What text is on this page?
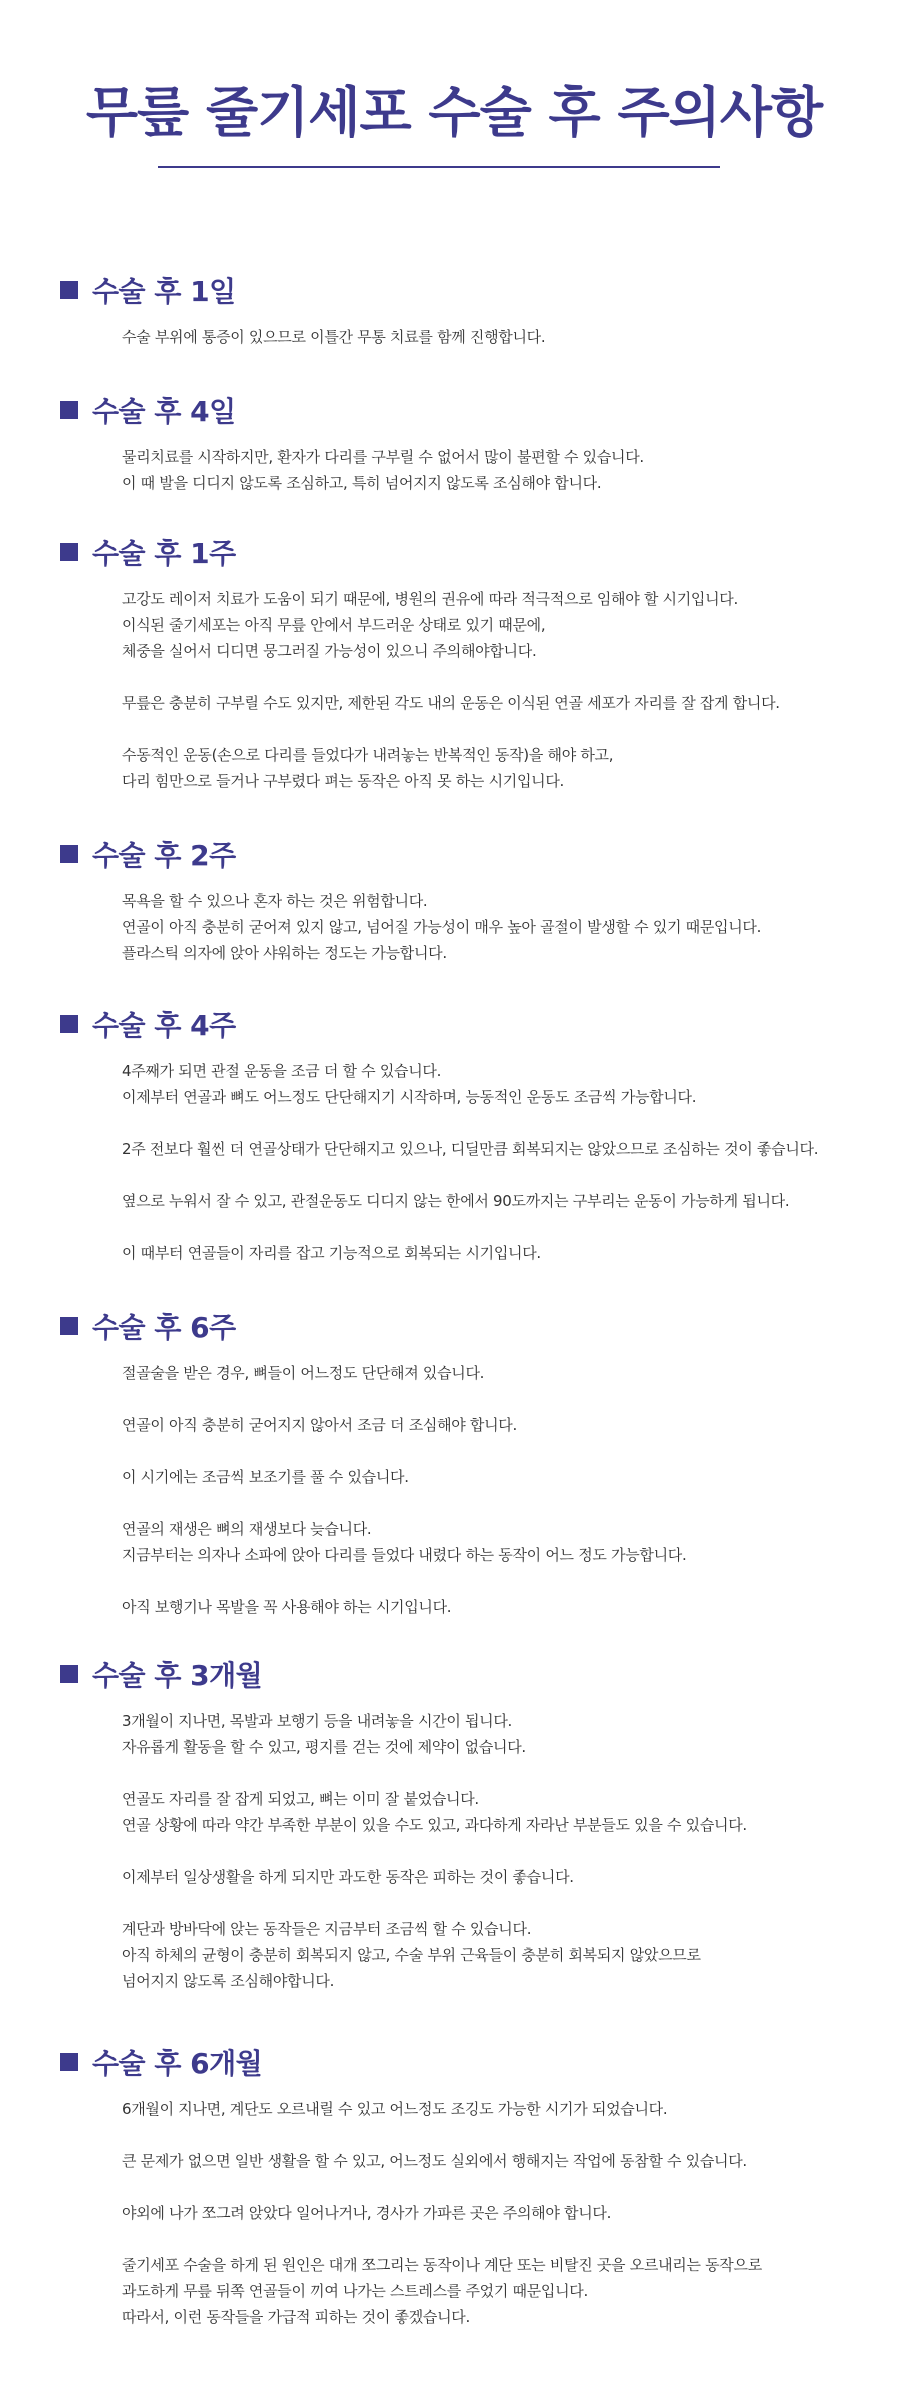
무릎 줄기세포 수술 후 주의사항
수술 후 1일

수술 부위에 통증이 있으므로 이틀간 무통 치료를 함께 진행합니다.

수술 후 4일

물리치료를 시작하지만, 환자가 다리를 구부릴 수 없어서 많이 불편할 수 있습니다.
이 때 발을 디디지 않도록 조심하고, 특히 넘어지지 않도록 조심해야 합니다.

수술 후 1주

고강도 레이저 치료가 도움이 되기 때문에, 병원의 권유에 따라 적극적으로 임해야 할 시기입니다.
이식된 줄기세포는 아직 무릎 안에서 부드러운 상태로 있기 때문에,
체중을 실어서 디디면 뭉그러질 가능성이 있으니 주의해야합니다.

무릎은 충분히 구부릴 수도 있지만, 제한된 각도 내의 운동은 이식된 연골 세포가 자리를 잘 잡게 합니다.

수동적인 운동(손으로 다리를 들었다가 내려놓는 반복적인 동작)을 해야 하고,
다리 힘만으로 들거나 구부렸다 펴는 동작은 아직 못 하는 시기입니다.

수술 후 2주

목욕을 할 수 있으나 혼자 하는 것은 위험합니다.
연골이 아직 충분히 굳어져 있지 않고, 넘어질 가능성이 매우 높아 골절이 발생할 수 있기 때문입니다.
플라스틱 의자에 앉아 샤워하는 정도는 가능합니다.

수술 후 4주

4주째가 되면 관절 운동을 조금 더 할 수 있습니다.
이제부터 연골과 뼈도 어느정도 단단해지기 시작하며, 능동적인 운동도 조금씩 가능합니다.

2주 전보다 훨씬 더 연골상태가 단단해지고 있으나, 디딜만큼 회복되지는 않았으므로 조심하는 것이 좋습니다.

옆으로 누워서 잘 수 있고, 관절운동도 디디지 않는 한에서 90도까지는 구부리는 운동이 가능하게 됩니다.

이 때부터 연골들이 자리를 잡고 기능적으로 회복되는 시기입니다.

수술 후 6주

절골술을 받은 경우, 뼈들이 어느정도 단단해져 있습니다.

연골이 아직 충분히 굳어지지 않아서 조금 더 조심해야 합니다.

이 시기에는 조금씩 보조기를 풀 수 있습니다.

연골의 재생은 뼈의 재생보다 늦습니다.
지금부터는 의자나 소파에 앉아 다리를 들었다 내렸다 하는 동작이 어느 정도 가능합니다.

아직 보행기나 목발을 꼭 사용해야 하는 시기입니다.

수술 후 3개월

3개월이 지나면, 목발과 보행기 등을 내려놓을 시간이 됩니다.
자유롭게 활동을 할 수 있고, 평지를 걷는 것에 제약이 없습니다.

연골도 자리를 잘 잡게 되었고, 뼈는 이미 잘 붙었습니다.
연골 상황에 따라 약간 부족한 부분이 있을 수도 있고, 과다하게 자라난 부분들도 있을 수 있습니다.

이제부터 일상생활을 하게 되지만 과도한 동작은 피하는 것이 좋습니다.

계단과 방바닥에 앉는 동작들은 지금부터 조금씩 할 수 있습니다.
아직 하체의 균형이 충분히 회복되지 않고, 수술 부위 근육들이 충분히 회복되지 않았으므로
넘어지지 않도록 조심해야합니다.

수술 후 6개월

6개월이 지나면, 계단도 오르내릴 수 있고 어느정도 조깅도 가능한 시기가 되었습니다.

큰 문제가 없으면 일반 생활을 할 수 있고, 어느정도 실외에서 행해지는 작업에 동참할 수 있습니다.

야외에 나가 쪼그려 앉았다 일어나거나, 경사가 가파른 곳은 주의해야 합니다.

줄기세포 수술을 하게 된 원인은 대개 쪼그리는 동작이나 계단 또는 비탈진 곳을 오르내리는 동작으로
과도하게 무릎 뒤쪽 연골들이 끼여 나가는 스트레스를 주었기 때문입니다.
따라서, 이런 동작들을 가급적 피하는 것이 좋겠습니다.
